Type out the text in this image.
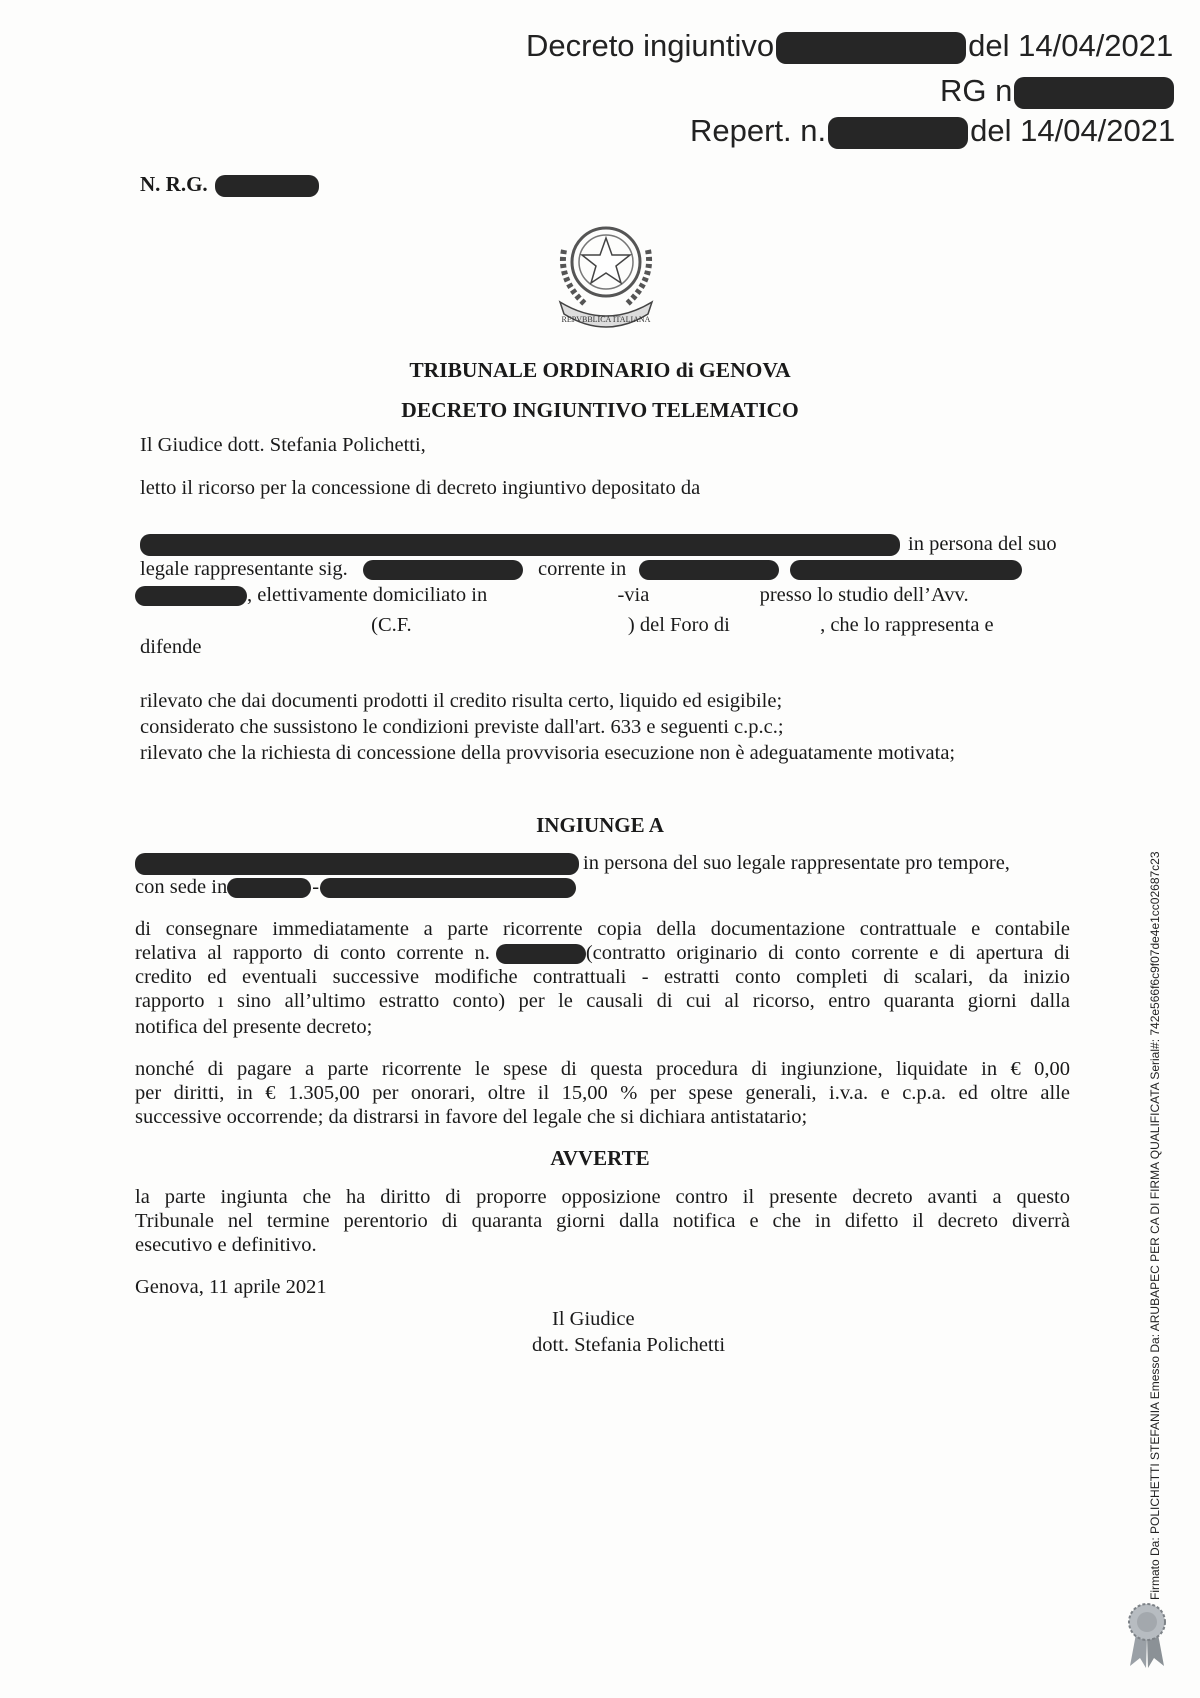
Decreto ingiuntivo	del 14/04/2021
RG n
Repert. n.	del 14/04/2021
N. R.G.
REPVBBLICA ITALIANA
TRIBUNALE ORDINARIO di GENOVA
DECRETO INGIUNTIVO TELEMATICO
Il Giudice dott. Stefania Polichetti,
letto il ricorso per la concessione di decreto ingiuntivo depositato da
in persona del suo
legale rappresentante sig.	corrente in
, elettivamente domiciliato in	-via	presso lo studio dell’Avv.
(C.F.	) del Foro di	, che lo rappresenta e
difende
rilevato che dai documenti prodotti il credito risulta certo, liquido ed esigibile;
considerato che sussistono le condizioni previste dall'art. 633 e seguenti c.p.c.;
rilevato che la richiesta di concessione della provvisoria esecuzione non è adeguatamente motivata;
INGIUNGE A
in persona del suo legale rappresentate pro tempore,
con sede in	-
di consegnare immediatamente a parte ricorrente copia della documentazione contrattuale e contabile
relativa al rapporto di conto corrente n.	(contratto originario di conto corrente e di apertura di
credito ed eventuali successive modifiche contrattuali - estratti conto completi di scalari, da inizio
rapporto ı sino all’ultimo estratto conto) per le causali di cui al ricorso, entro quaranta giorni dalla
notifica del presente decreto;
nonché di pagare a parte ricorrente le spese di questa procedura di ingiunzione, liquidate in € 0,00
per diritti, in € 1.305,00 per onorari, oltre il 15,00 % per spese generali, i.v.a. e c.p.a. ed oltre alle
successive occorrende; da distrarsi in favore del legale che si dichiara antistatario;
AVVERTE
la parte ingiunta che ha diritto di proporre opposizione contro il presente decreto avanti a questo
Tribunale nel termine perentorio di quaranta giorni dalla notifica e che in difetto il decreto diverrà
esecutivo e definitivo.
Genova, 11 aprile 2021
Il Giudice
dott. Stefania Polichetti	Firmato Da: POLICHETTI STEFANIA Emesso Da: ARUBAPEC PER CA DI FIRMA QUALIFICATA Serial#: 742e566f6c9f07de4e1cc02687c23
